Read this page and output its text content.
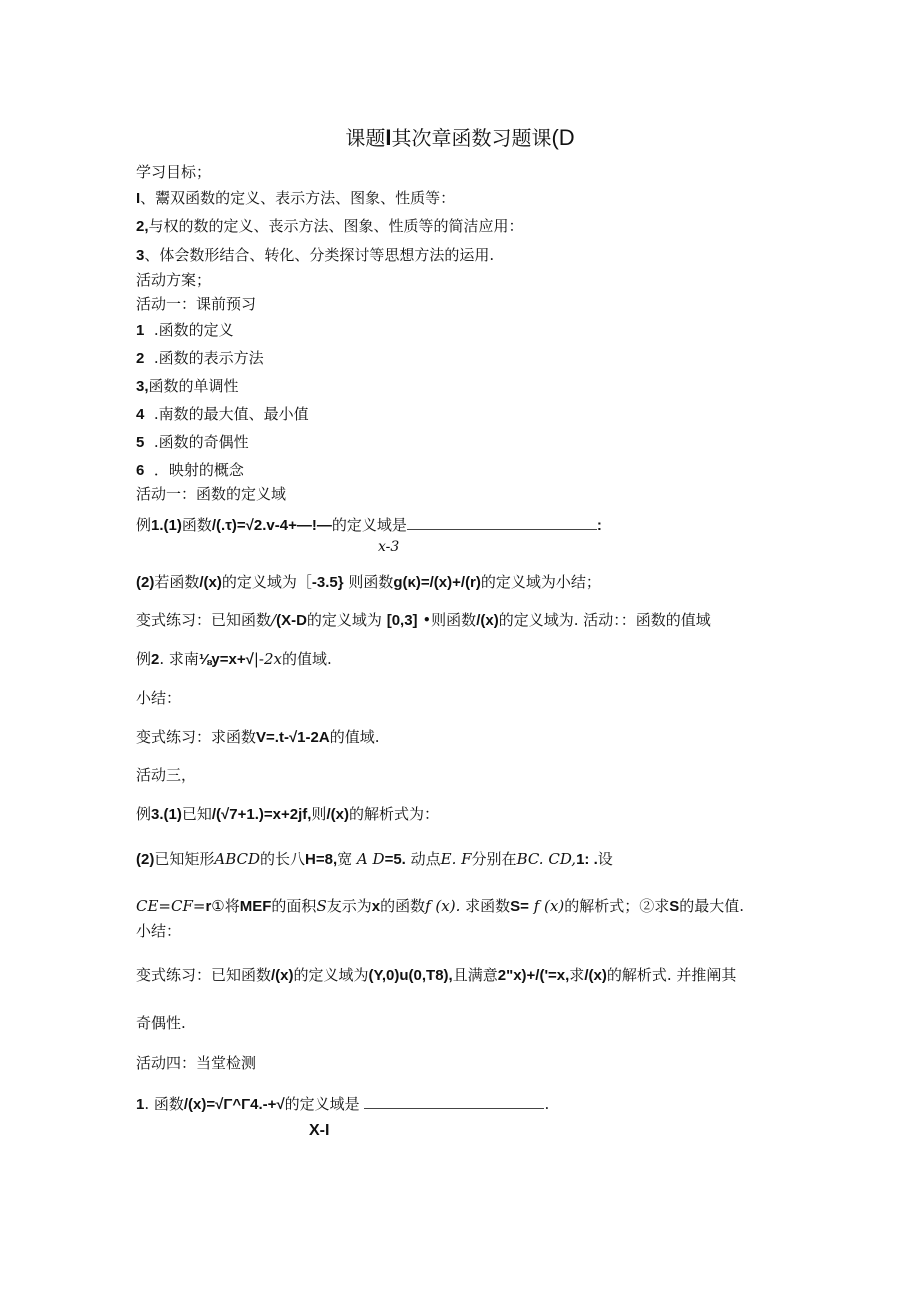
课题I其次章函数习题课(D
学习目标；
I、鬻双函数的定义、表示方法、图象、性质等：
2,与权的数的定义、丧示方法、图象、性质等的简洁应用：
3、体会数形结合、转化、分类探讨等思想方法的运用.
活动方案；
活动一：课前预习
1 .函数的定义
2 .函数的表示方法
3,函数的单调性
4 .南数的最大值、最小值
5 .函数的奇偶性
6 ．映射的概念
活动一：函数的定义域
例1.(1)函数/(.τ)=√2.v-4+—!—的定义域是	:
x-3
(2)若函数/(x)的定义域为［-3.5} 则函数g(κ)=/(x)+/(r)的定义域为小结；
变式练习：已知函数/(X-D的定义域为 [0,3] •则函数/(x)的定义域为. 活动：：函数的值域
例2. 求南⅛y=x+√|-2x的值域.
小结：
变式练习：求函数V=.t-√1-2A的值域.
活动三，
例3.(1)已知/(√7+1.)=x+2jf,则/(x)的解析式为：
(2)已知矩形ABCD的长八H=8,宽 A D=5. 动点E. F分别在BC. CD,1: .设
CE=CF=r①将MEF的面积S友示为x的函数f (x). 求函数S= f (x)的解析式；②求S的最大值.
小结：
变式练习：已知函数/(x)的定义域为(Y,0)u(0,T8),且满意2"x)+/('=x,求/(x)的解析式. 并推阐其
奇偶性.
活动四：当堂检测
1. 函数/(x)=√Γ^Γ4.-+√的定义域是	.
X-I
